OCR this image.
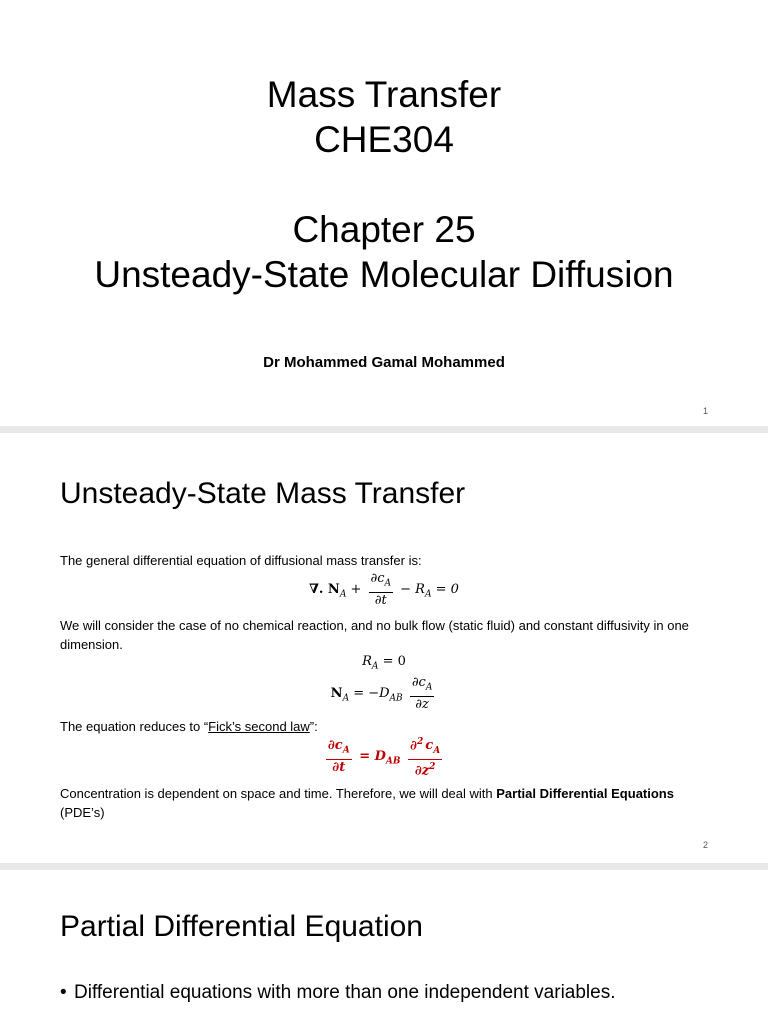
Mass Transfer
CHE304
Chapter 25
Unsteady-State Molecular Diffusion
Dr Mohammed Gamal Mohammed
1
Unsteady-State Mass Transfer
The general differential equation of diffusional mass transfer is:
∇. $N_A + \frac{\partial c_A}{\partial t} - R_A = 0$
We will consider the case of no chemical reaction, and no bulk flow (static fluid) and constant diffusivity in one dimension.
$R_A = 0$
$N_A = -D_{AB} \frac{\partial c_A}{\partial z}$
The equation reduces to “Fick’s second law”:
$\frac{\partial c_A}{\partial t} = D_{AB} \frac{\partial^2 c_A}{\partial z^2}$
Concentration is dependent on space and time. Therefore, we will deal with Partial Differential Equations (PDE’s)
2
Partial Differential Equation
• Differential equations with more than one independent variables.
